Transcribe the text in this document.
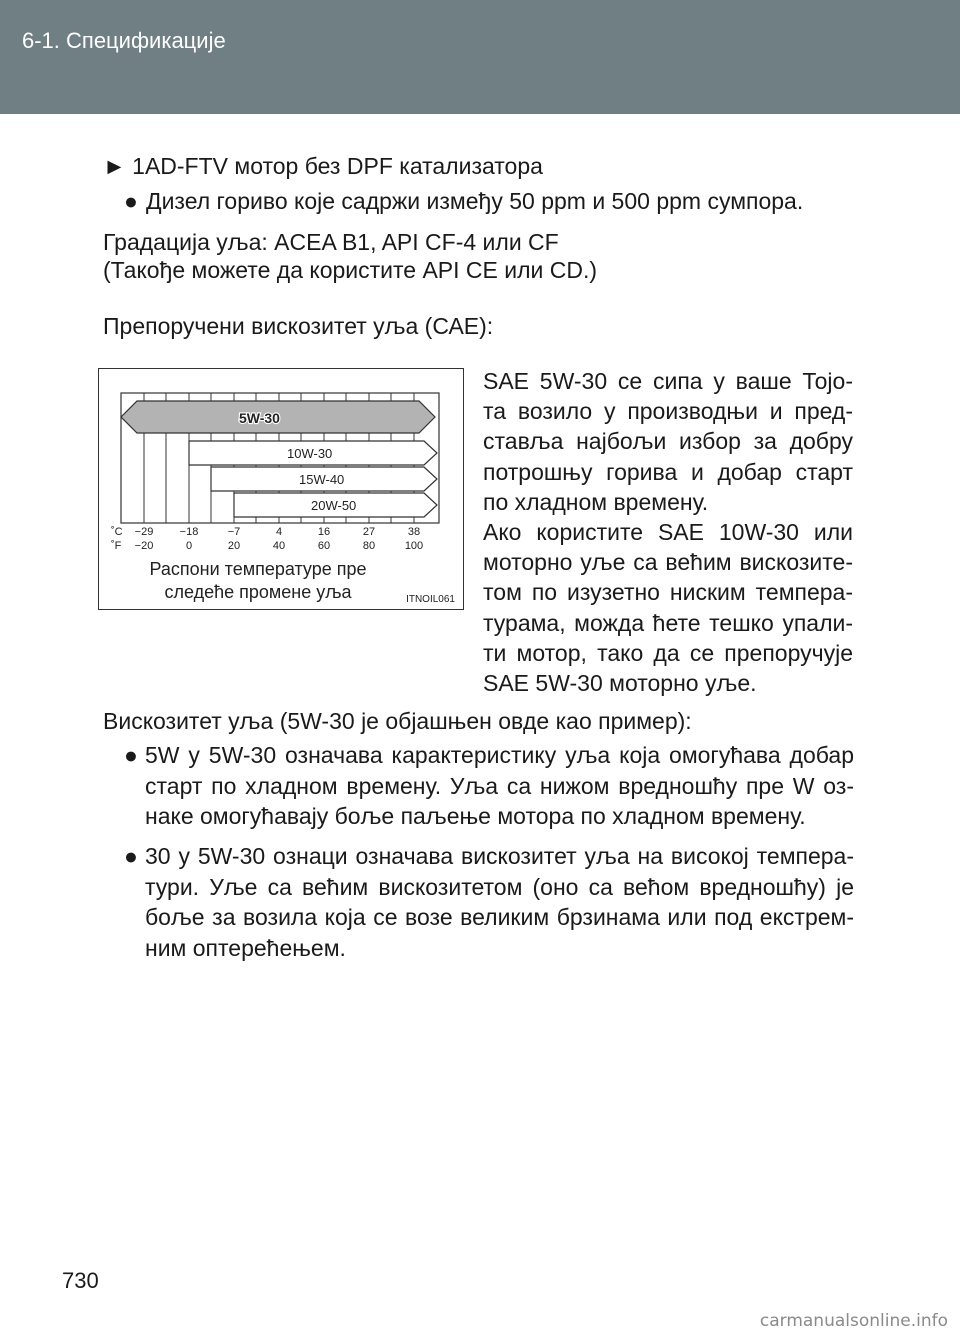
6-1. Спецификације
► 1AD-FTV мотор без DPF катализатора
● Дизел гориво које садржи између 50 ppm и 500 ppm сумпора.
Градација уља: ACEA B1, API CF-4 или CF
(Такође можете да користите API CE или CD.)
Препоручени вискозитет уља (САЕ):
SAE 5W-30 се сипа у ваше Тојо-
та возило у производњи и пред-
стављa најбољи избор за добру
потрошњу горива и добар старт
по хладном времену.
Ако користите SAE 10W-30 или
моторно уље са већим вискозите-
том по изузетно ниским темпера-
турама, можда ћете тешко упали-
ти мотор, тако да се препоручује
SAE 5W-30 моторно уље.
5W-30
10W-30
15W-40
20W-50
˚C
˚F
−29 −18	−7	4	16	27	38
−20	0	20	40	60	80	100
Распони температуре пре
следеће промене уља	ITNOIL061
Вискозитет уља (5W-30 је објашњен овде као пример):
● 5W у 5W-30 означава карактеристику уља која омогућава добар
старт по хладном времену. Уља са нижом вредношћу пре W оз-
наке омогућавају боље паљење мотора по хладном времену.
● 30 у 5W-30 ознаци означава вискозитет уља на високој темпера-
тури. Уље са већим вискозитетом (оно са већом вредношћу) је
боље за возила која се возе великим брзинама или под екстрем-
ним оптерећењем.
730
carmanualsonline.info
